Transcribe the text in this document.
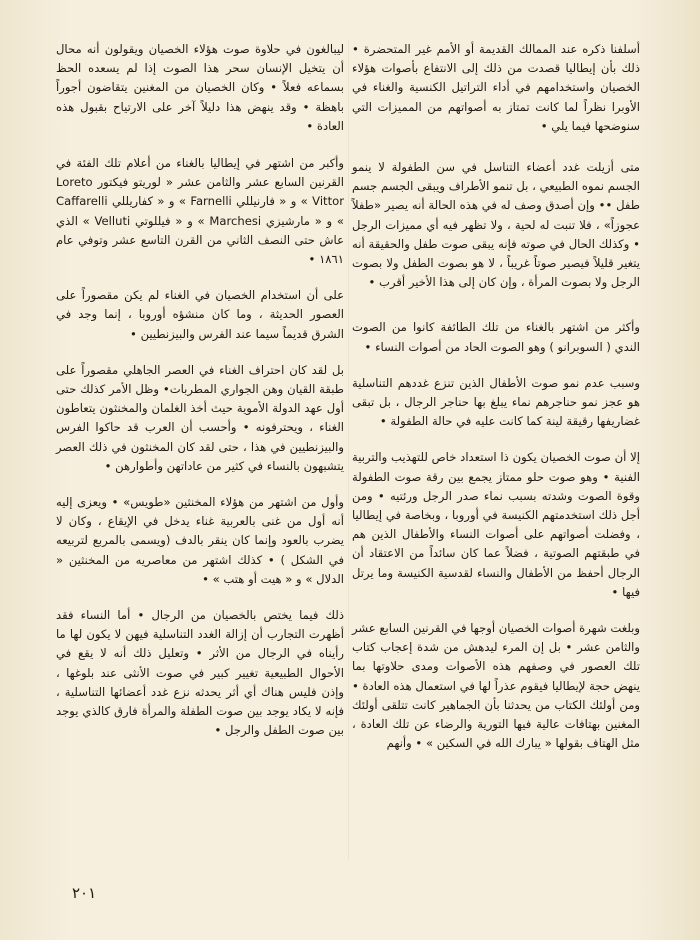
أسلفنا ذكره عند الممالك القديمة أو الأمم غير المتحضرة • ذلك بأن إيطاليا قصدت من ذلك إلى الانتفاع بأصوات هؤلاء الخصيان واستخدامهم في أداء التراتيل الكنسية والغناء في الأوبرا نظراً لما كانت تمتاز به أصواتهم من المميزات التي سنوضحها فيما يلي •

متى أزيلت غدد أعضاء التناسل في سن الطفولة لا ينمو الجسم نموه الطبيعي ، بل تنمو الأطراف ويبقى الجسم جسم طفل •• وإن أصدق وصف له في هذه الحالة أنه يصير «طفلاً عجوزاً» ، فلا تنبت له لحية ، ولا تظهر فيه أي مميزات الرجل • وكذلك الحال في صوته فإنه يبقى صوت طفل والحقيقة أنه يتغير قليلاً فيصير صوتاً غريباً ، لا هو بصوت الطفل ولا بصوت الرجل ولا بصوت المرأة ، وإن كان إلى هذا الأخير أقرب •

وأكثر من اشتهر بالغناء من تلك الطائفة كانوا من الصوت الندي ( السوبرانو ) وهو الصوت الحاد من أصوات النساء •

وسبب عدم نمو صوت الأطفال الذين تنزع غددهم التناسلية هو عجز نمو حناجرهم نماء يبلغ بها حناجر الرجال ، بل تبقى غضاريفها رقيقة لينة كما كانت عليه في حالة الطفولة •

إلا أن صوت الخصيان يكون ذا استعداد خاص للتهذيب والتربية الفنية • وهو صوت حلو ممتاز يجمع بين رقة صوت الطفولة وقوة الصوت وشدته بسبب نماء صدر الرجل ورئتيه • ومن أجل ذلك استخدمتهم الكنيسة في أوروبا ، وبخاصة في إيطاليا ، وفضلت أصواتهم على أصوات النساء والأطفال الذين هم في طبقتهم الصوتية ، فضلاً عما كان سائداً من الاعتقاد أن الرجال أحفظ من الأطفال والنساء لقدسية الكنيسة وما يرتل فيها •

وبلغت شهرة أصوات الخصيان أوجها في القرنين السابع عشر والثامن عشر • بل إن المرء ليدهش من شدة إعجاب كتاب تلك العصور في وصفهم هذه الأصوات ومدى حلاوتها بما ينهض حجة لإيطاليا فيقوم عذراً لها في استعمال هذه العادة • ومن أولئك الكتاب من يحدثنا بأن الجماهير كانت تتلقى أولئك المغنين بهتافات عالية فيها التورية والرضاء عن تلك العادة ، مثل الهتاف بقولها « يبارك الله في السكين » • وأنهم

ليبالغون في حلاوة صوت هؤلاء الخصيان ويقولون أنه محال أن يتخيل الإنسان سحر هذا الصوت إذا لم يسعده الحظ بسماعه فعلاً • وكان الخصيان من المغنين يتقاضون أجوراً باهظة • وقد ينهض هذا دليلاً آخر على الارتياح بقبول هذه العادة •

وأكبر من اشتهر في إيطاليا بالغناء من أعلام تلك الفئة في القرنين السابع عشر والثامن عشر « لوريتو فيكتور Loreto Vittor » و « فارنيللي Farnelli » و « كفاريللي Caffarelli » و « مارشيزي Marchesi » و « فيللوتي Velluti » الذي عاش حتى النصف الثاني من القرن التاسع عشر وتوفي عام ١٨٦١ •

على أن استخدام الخصيان في الغناء لم يكن مقصوراً على العصور الحديثة ، وما كان منشؤه أوروبا ، إنما وجد في الشرق قديماً سيما عند الفرس والبيزنطيين •

بل لقد كان احتراف الغناء في العصر الجاهلي مقصوراً على طبقة القيان وهن الجواري المطربات• وظل الأمر كذلك حتى أول عهد الدولة الأموية حيث أخذ الغلمان والمخنثون يتعاطون الغناء ، ويحترفونه • وأحسب أن العرب قد حاكوا الفرس والبيزنطيين في هذا ، حتى لقد كان المخنثون في ذلك العصر يتشبهون بالنساء في كثير من عاداتهن وأطوارهن •

وأول من اشتهر من هؤلاء المخنثين «طويس» • ويعزى إليه أنه أول من غنى بالعربية غناء يدخل في الإيقاع ، وكان لا يضرب بالعود وإنما كان ينقر بالدف (ويسمى بالمربع لتربيعه في الشكل ) • كذلك اشتهر من معاصريه من المخنثين « الدلال » و « هيت أو هتب » •

ذلك فيما يختص بالخصيان من الرجال • أما النساء فقد أظهرت التجارب أن إزالة الغدد التناسلية فيهن لا يكون لها ما رأيناه في الرجال من الأثر • وتعليل ذلك أنه لا يقع في الأحوال الطبيعية تغيير كبير في صوت الأنثى عند بلوغها ، وإذن فليس هناك أي أثر يحدثه نزع غدد أعضائها التناسلية ، فإنه لا يكاد يوجد بين صوت الطفلة والمرأة فارق كالذي يوجد بين صوت الطفل والرجل •

٢٠١
